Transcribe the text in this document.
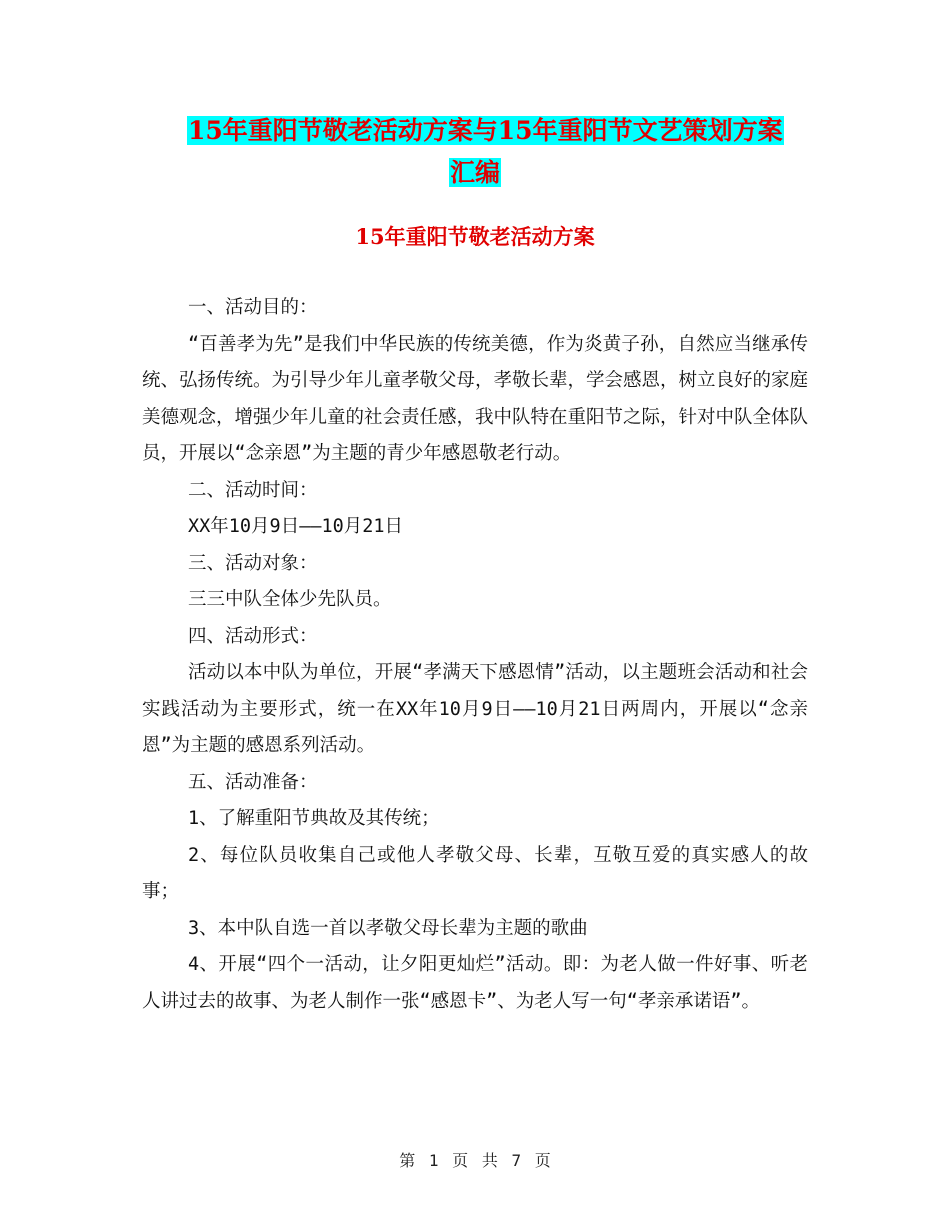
15年重阳节敬老活动方案与15年重阳节文艺策划方案
汇编
15年重阳节敬老活动方案

一、活动目的：

“百善孝为先”是我们中华民族的传统美德，作为炎黄子孙，自然应当继承传统、弘扬传统。为引导少年儿童孝敬父母，孝敬长辈，学会感恩，树立良好的家庭美德观念，增强少年儿童的社会责任感，我中队特在重阳节之际，针对中队全体队员，开展以“念亲恩”为主题的青少年感恩敬老行动。

二、活动时间：

XX年10月9日——10月21日

三、活动对象：

三三中队全体少先队员。

四、活动形式：

活动以本中队为单位，开展“孝满天下感恩情”活动，以主题班会活动和社会实践活动为主要形式，统一在XX年10月9日——10月21日两周内，开展以“念亲恩”为主题的感恩系列活动。

五、活动准备：

1、了解重阳节典故及其传统；

2、每位队员收集自己或他人孝敬父母、长辈，互敬互爱的真实感人的故事；

3、本中队自选一首以孝敬父母长辈为主题的歌曲

4、开展“四个一活动，让夕阳更灿烂”活动。即：为老人做一件好事、听老人讲过去的故事、为老人制作一张“感恩卡”、为老人写一句“孝亲承诺语”。

第 1 页 共 7 页
